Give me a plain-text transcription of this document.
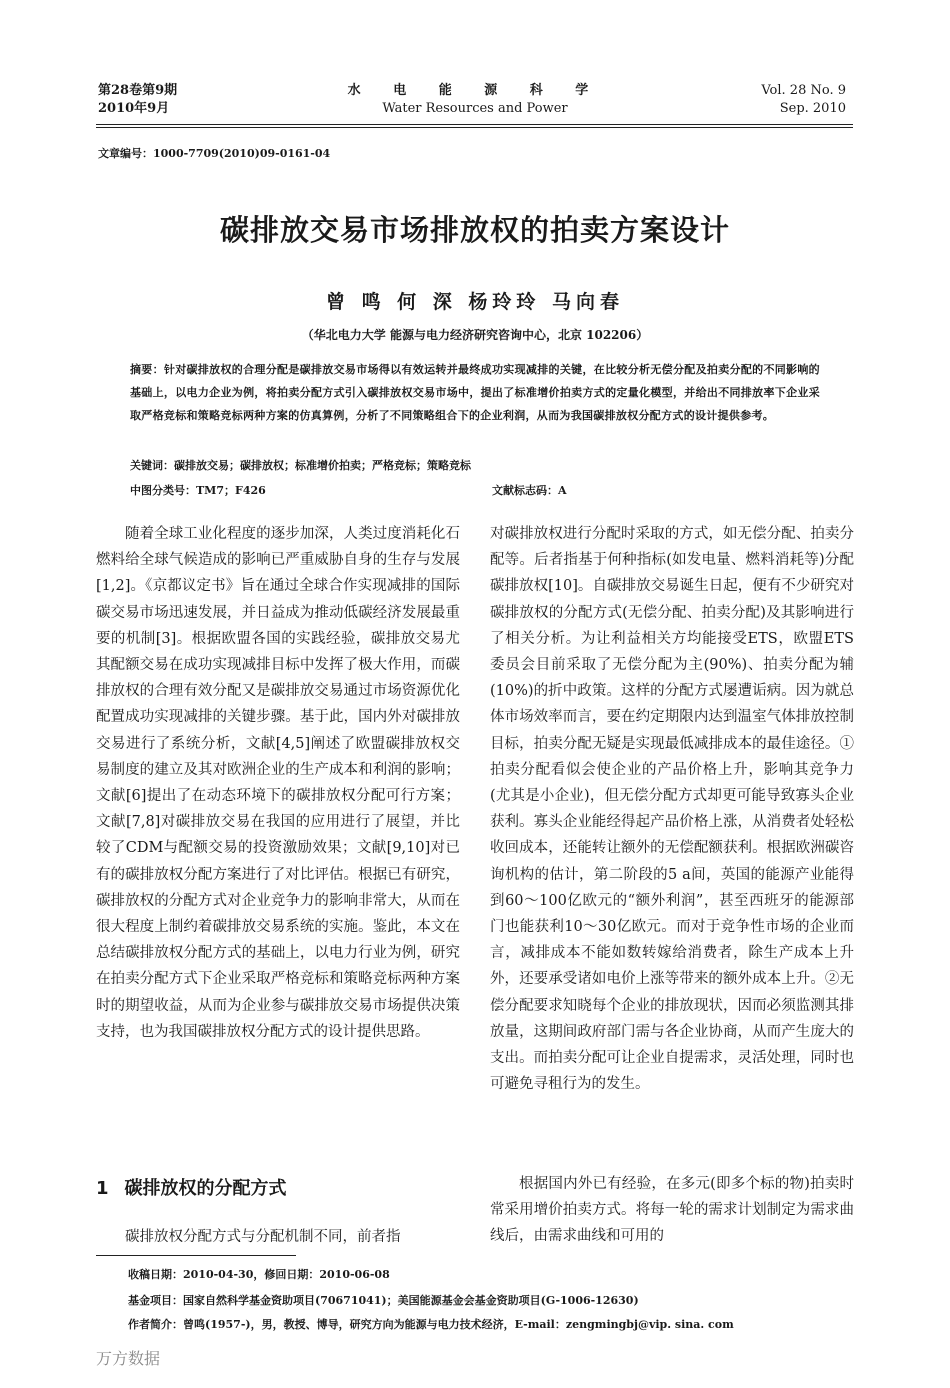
第28卷第9期
2010年9月
水 电 能 源 科 学
Water Resources and Power
Vol. 28 No. 9
Sep. 2010
文章编号：1000-7709(2010)09-0161-04
碳排放交易市场排放权的拍卖方案设计
曾 鸣 何 深 杨玲玲 马向春
（华北电力大学 能源与电力经济研究咨询中心，北京 102206）
摘要：针对碳排放权的合理分配是碳排放交易市场得以有效运转并最终成功实现减排的关键，在比较分析无偿分配及拍卖分配的不同影响的基础上，以电力企业为例，将拍卖分配方式引入碳排放权交易市场中，提出了标准增价拍卖方式的定量化模型，并给出不同排放率下企业采取严格竞标和策略竞标两种方案的仿真算例，分析了不同策略组合下的企业利润，从而为我国碳排放权分配方式的设计提供参考。
关键词：碳排放交易；碳排放权；标准增价拍卖；严格竞标；策略竞标
中图分类号：TM7；F426	文献标志码：A

随着全球工业化程度的逐步加深，人类过度消耗化石燃料给全球气候造成的影响已严重威胁自身的生存与发展[1,2]。《京都议定书》旨在通过全球合作实现减排的国际碳交易市场迅速发展，并日益成为推动低碳经济发展最重要的机制[3]。根据欧盟各国的实践经验，碳排放交易尤其配额交易在成功实现减排目标中发挥了极大作用，而碳排放权的合理有效分配又是碳排放交易通过市场资源优化配置成功实现减排的关键步骤。基于此，国内外对碳排放交易进行了系统分析，文献[4,5]阐述了欧盟碳排放权交易制度的建立及其对欧洲企业的生产成本和利润的影响；文献[6]提出了在动态环境下的碳排放权分配可行方案；文献[7,8]对碳排放交易在我国的应用进行了展望，并比较了CDM与配额交易的投资激励效果；文献[9,10]对已有的碳排放权分配方案进行了对比评估。根据已有研究，碳排放权的分配方式对企业竞争力的影响非常大，从而在很大程度上制约着碳排放交易系统的实施。鉴此，本文在总结碳排放权分配方式的基础上，以电力行业为例，研究在拍卖分配方式下企业采取严格竞标和策略竞标两种方案时的期望收益，从而为企业参与碳排放交易市场提供决策支持，也为我国碳排放权分配方式的设计提供思路。

1 碳排放权的分配方式
碳排放权分配方式与分配机制不同，前者指

对碳排放权进行分配时采取的方式，如无偿分配、拍卖分配等。后者指基于何种指标(如发电量、燃料消耗等)分配碳排放权[10]。自碳排放交易诞生日起，便有不少研究对碳排放权的分配方式(无偿分配、拍卖分配)及其影响进行了相关分析。为让利益相关方均能接受ETS，欧盟ETS委员会目前采取了无偿分配为主(90%)、拍卖分配为辅(10%)的折中政策。这样的分配方式屡遭诟病。因为就总体市场效率而言，要在约定期限内达到温室气体排放控制目标，拍卖分配无疑是实现最低减排成本的最佳途径。①拍卖分配看似会使企业的产品价格上升，影响其竞争力(尤其是小企业)，但无偿分配方式却更可能导致寡头企业获利。寡头企业能经得起产品价格上涨，从消费者处轻松收回成本，还能转让额外的无偿配额获利。根据欧洲碳咨询机构的估计，第二阶段的5 a间，英国的能源产业能得到60～100亿欧元的“额外利润”，甚至西班牙的能源部门也能获利10～30亿欧元。而对于竞争性市场的企业而言，减排成本不能如数转嫁给消费者，除生产成本上升外，还要承受诸如电价上涨等带来的额外成本上升。②无偿分配要求知晓每个企业的排放现状，因而必须监测其排放量，这期间政府部门需与各企业协商，从而产生庞大的支出。而拍卖分配可让企业自提需求，灵活处理，同时也可避免寻租行为的发生。

根据国内外已有经验，在多元(即多个标的物)拍卖时常采用增价拍卖方式。将每一轮的需求计划制定为需求曲线后，由需求曲线和可用的

收稿日期：2010-04-30，修回日期：2010-06-08
基金项目：国家自然科学基金资助项目(70671041)；美国能源基金会基金资助项目(G-1006-12630)
作者简介：曾鸣(1957-)，男，教授、博导，研究方向为能源与电力技术经济，E-mail：zengmingbj@vip. sina. com
万方数据
